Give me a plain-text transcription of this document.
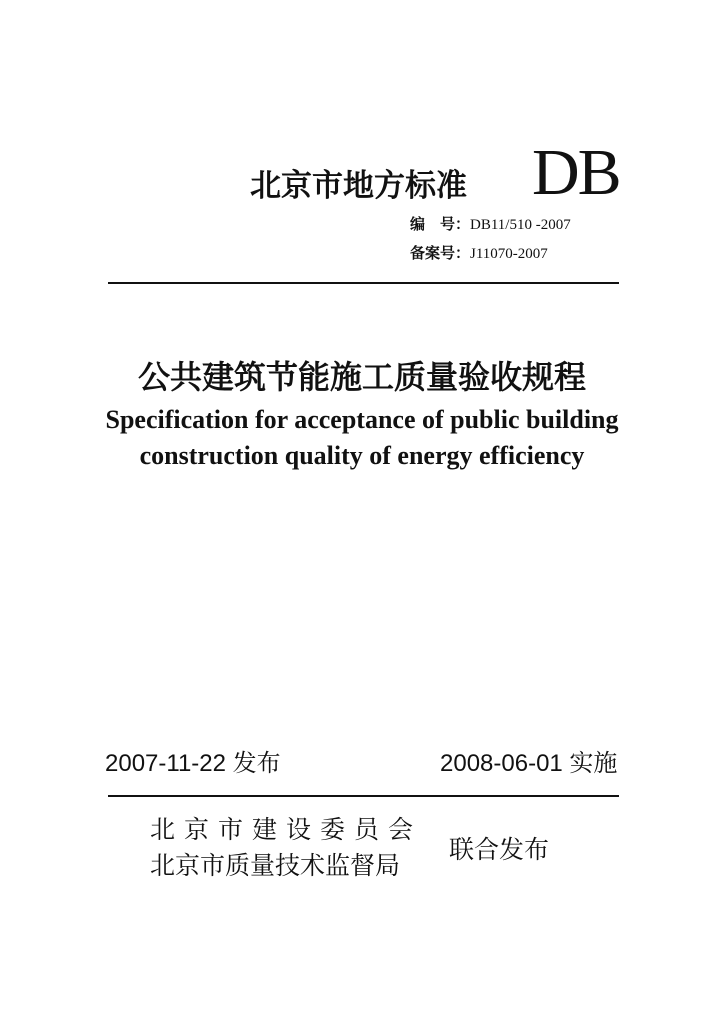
北京市地方标准 DB
编　号：DB11/510 -2007
备案号：J11070-2007
公共建筑节能施工质量验收规程
Specification for acceptance of public building
construction quality of energy efficiency
2007-11-22 发布	2008-06-01 实施
北京市建设委员会
北京市质量技术监督局
联合发布
